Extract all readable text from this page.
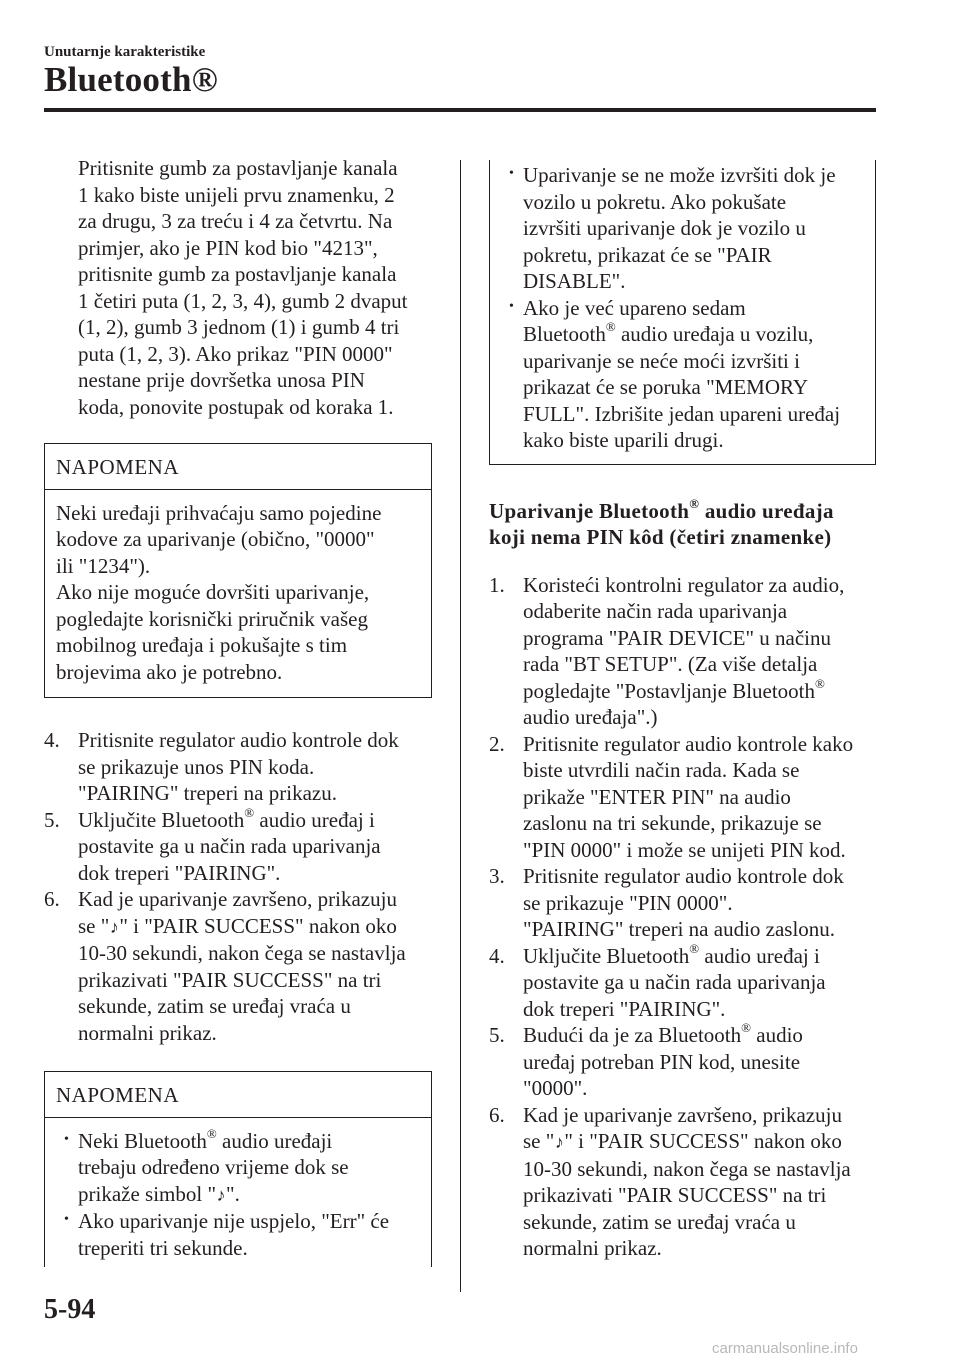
Unutarnje karakteristike
Bluetooth®

Pritisnite gumb za postavljanje kanala
1 kako biste unijeli prvu znamenku, 2
za drugu, 3 za treću i 4 za četvrtu. Na
primjer, ako je PIN kod bio "4213",
pritisnite gumb za postavljanje kanala
1 četiri puta (1, 2, 3, 4), gumb 2 dvaput
(1, 2), gumb 3 jednom (1) i gumb 4 tri
puta (1, 2, 3). Ako prikaz "PIN 0000"
nestane prije dovršetka unosa PIN
koda, ponovite postupak od koraka 1.

NAPOMENA
Neki uređaji prihvaćaju samo pojedine
kodove za uparivanje (obično, "0000"
ili "1234").
Ako nije moguće dovršiti uparivanje,
pogledajte korisnički priručnik vašeg
mobilnog uređaja i pokušajte s tim
brojevima ako je potrebno.
4. Pritisnite regulator audio kontrole dok
se prikazuje unos PIN koda.
"PAIRING" treperi na prikazu.
5. Uključite Bluetooth® audio uređaj i
postavite ga u način rada uparivanja
dok treperi "PAIRING".
6. Kad je uparivanje završeno, prikazuju
se "♪" i "PAIR SUCCESS" nakon oko
10-30 sekundi, nakon čega se nastavlja
prikazivati "PAIR SUCCESS" na tri
sekunde, zatim se uređaj vraća u
normalni prikaz.
NAPOMENA
• Neki Bluetooth® audio uređaji
trebaju određeno vrijeme dok se
prikaže simbol "♪".
• Ako uparivanje nije uspjelo, "Err" će
treperiti tri sekunde.
• Uparivanje se ne može izvršiti dok je
vozilo u pokretu. Ako pokušate
izvršiti uparivanje dok je vozilo u
pokretu, prikazat će se "PAIR
DISABLE".
• Ako je već upareno sedam
Bluetooth® audio uređaja u vozilu,
uparivanje se neće moći izvršiti i
prikazat će se poruka "MEMORY
FULL". Izbrišite jedan upareni uređaj
kako biste uparili drugi.
Uparivanje Bluetooth® audio uređaja
koji nema PIN kôd (četiri znamenke)
1. Koristeći kontrolni regulator za audio,
odaberite način rada uparivanja
programa "PAIR DEVICE" u načinu
rada "BT SETUP". (Za više detalja
pogledajte "Postavljanje Bluetooth®
audio uređaja".)
2. Pritisnite regulator audio kontrole kako
biste utvrdili način rada. Kada se
prikaže "ENTER PIN" na audio
zaslonu na tri sekunde, prikazuje se
"PIN 0000" i može se unijeti PIN kod.
3. Pritisnite regulator audio kontrole dok
se prikazuje "PIN 0000".
"PAIRING" treperi na audio zaslonu.
4. Uključite Bluetooth® audio uređaj i
postavite ga u način rada uparivanja
dok treperi "PAIRING".
5. Budući da je za Bluetooth® audio
uređaj potreban PIN kod, unesite
"0000".
6. Kad je uparivanje završeno, prikazuju
se "♪" i "PAIR SUCCESS" nakon oko
10-30 sekundi, nakon čega se nastavlja
prikazivati "PAIR SUCCESS" na tri
sekunde, zatim se uređaj vraća u
normalni prikaz.
5-94
carmanualsonline.info
